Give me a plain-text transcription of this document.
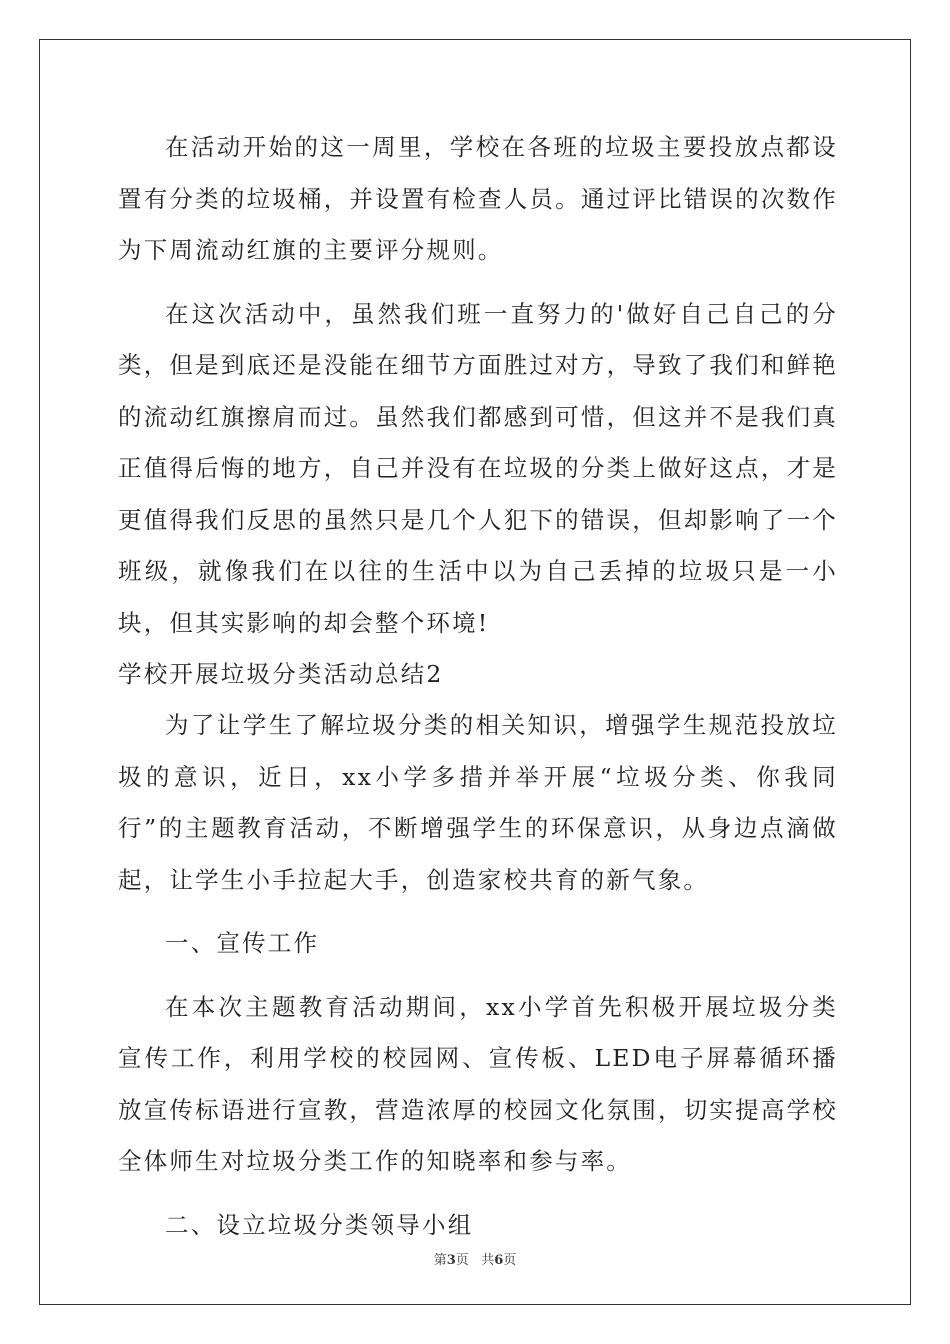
在活动开始的这一周里，学校在各班的垃圾主要投放点都设置有分类的垃圾桶，并设置有检查人员。通过评比错误的次数作为下周流动红旗的主要评分规则。

在这次活动中，虽然我们班一直努力的'做好自己自己的分类，但是到底还是没能在细节方面胜过对方，导致了我们和鲜艳的流动红旗擦肩而过。虽然我们都感到可惜，但这并不是我们真正值得后悔的地方，自己并没有在垃圾的分类上做好这点，才是更值得我们反思的虽然只是几个人犯下的错误，但却影响了一个班级，就像我们在以往的生活中以为自己丢掉的垃圾只是一小块，但其实影响的却会整个环境!

学校开展垃圾分类活动总结2

为了让学生了解垃圾分类的相关知识，增强学生规范投放垃圾的意识，近日，xx小学多措并举开展“垃圾分类、你我同行”的主题教育活动，不断增强学生的环保意识，从身边点滴做起，让学生小手拉起大手，创造家校共育的新气象。

一、宣传工作

在本次主题教育活动期间，xx小学首先积极开展垃圾分类宣传工作，利用学校的校园网、宣传板、LED电子屏幕循环播放宣传标语进行宣教，营造浓厚的校园文化氛围，切实提高学校全体师生对垃圾分类工作的知晓率和参与率。

二、设立垃圾分类领导小组

第3页   共6页
